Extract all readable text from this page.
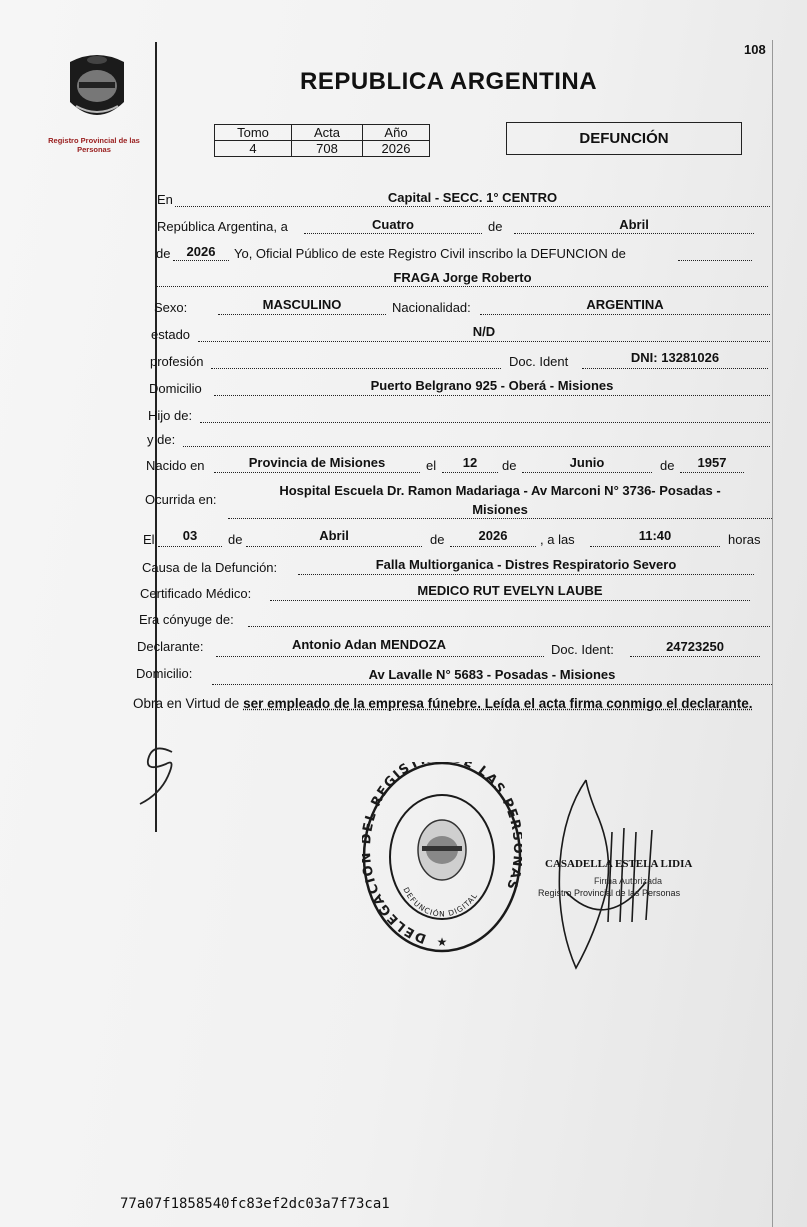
108
Registro Provincial de las Personas
REPUBLICA ARGENTINA
Tomo	Acta	Año
4	708	2026
DEFUNCIÓN
En	Capital - SECC. 1° CENTRO
República Argentina, a	Cuatro	de	Abril
de	2026	Yo, Oficial Público de este Registro Civil inscribo la DEFUNCION de
FRAGA Jorge Roberto
Sexo:	MASCULINO	Nacionalidad:	ARGENTINA
estado	N/D
profesión	Doc. Ident	DNI: 13281026
Domicilio	Puerto Belgrano 925 - Oberá - Misiones
Hijo de:
y de:
Nacido en	Provincia de Misiones	el	12	de	Junio	de	1957
Ocurrida en:
Hospital Escuela Dr. Ramon Madariaga - Av Marconi N° 3736- Posadas -
Misiones
El	03	de	Abril	de	2026	, a las	11:40	horas
Causa de la Defunción:	Falla Multiorganica - Distres Respiratorio Severo
Certificado Médico:	MEDICO RUT EVELYN LAUBE
Era cónyuge de:
Declarante:	Antonio Adan MENDOZA	Doc. Ident:	24723250
Domicilio:	Av Lavalle N° 5683 - Posadas - Misiones
Obra en Virtud de ser empleado de la empresa fúnebre. Leída el acta firma conmigo el declarante.
DELEGACI EL REGIST E LAS PER AS
DEFUNCIÓN DIGITAL
★
CASADELLA ESTELA LIDIA
Firma Autorizada
Registro Provincial de las Personas
77a07f1858540fc83ef2dc03a7f73ca1
